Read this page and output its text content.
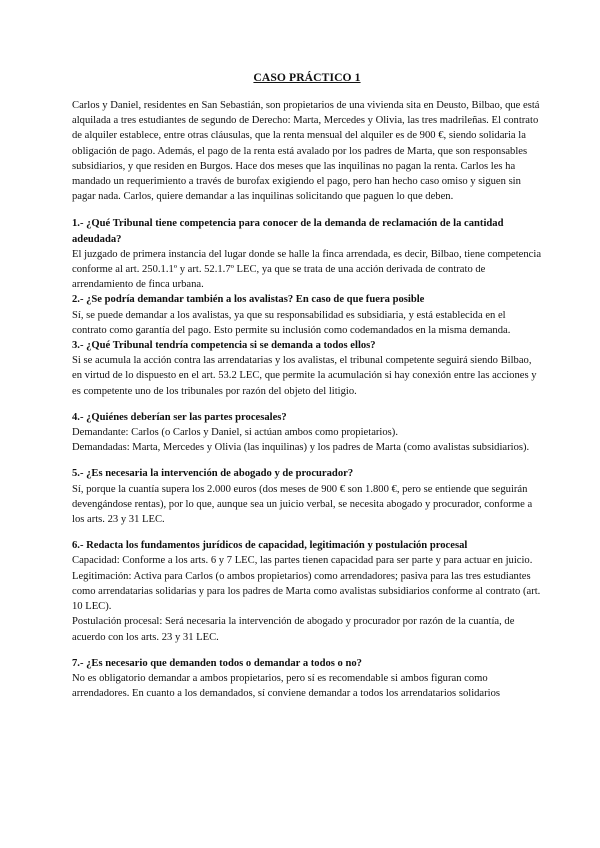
CASO PRÁCTICO 1
Carlos y Daniel, residentes en San Sebastián, son propietarios de una vivienda sita en Deusto, Bilbao, que está alquilada a tres estudiantes de segundo de Derecho: Marta, Mercedes y Olivia, las tres madrileñas. El contrato de alquiler establece, entre otras cláusulas, que la renta mensual del alquiler es de 900 €, siendo solidaria la obligación de pago. Además, el pago de la renta está avalado por los padres de Marta, que son responsables subsidiarios, y que residen en Burgos. Hace dos meses que las inquilinas no pagan la renta. Carlos les ha mandado un requerimiento a través de burofax exigiendo el pago, pero han hecho caso omiso y siguen sin pagar nada. Carlos, quiere demandar a las inquilinas solicitando que paguen lo que deben.
1.- ¿Qué Tribunal tiene competencia para conocer de la demanda de reclamación de la cantidad adeudada?
El juzgado de primera instancia del lugar donde se halle la finca arrendada, es decir, Bilbao, tiene competencia conforme al art. 250.1.1º y art. 52.1.7º LEC, ya que se trata de una acción derivada de contrato de arrendamiento de finca urbana.
2.- ¿Se podría demandar también a los avalistas? En caso de que fuera posible
Sí, se puede demandar a los avalistas, ya que su responsabilidad es subsidiaria, y está establecida en el contrato como garantía del pago. Esto permite su inclusión como codemandados en la misma demanda.
3.- ¿Qué Tribunal tendría competencia si se demanda a todos ellos?
Si se acumula la acción contra las arrendatarias y los avalistas, el tribunal competente seguirá siendo Bilbao, en virtud de lo dispuesto en el art. 53.2 LEC, que permite la acumulación si hay conexión entre las acciones y es competente uno de los tribunales por razón del objeto del litigio.
4.- ¿Quiénes deberían ser las partes procesales?
Demandante: Carlos (o Carlos y Daniel, si actúan ambos como propietarios).
Demandadas: Marta, Mercedes y Olivia (las inquilinas) y los padres de Marta (como avalistas subsidiarios).
5.- ¿Es necesaria la intervención de abogado y de procurador?
Sí, porque la cuantía supera los 2.000 euros (dos meses de 900 € son 1.800 €, pero se entiende que seguirán devengándose rentas), por lo que, aunque sea un juicio verbal, se necesita abogado y procurador, conforme a los arts. 23 y 31 LEC.
6.- Redacta los fundamentos jurídicos de capacidad, legitimación y postulación procesal
Capacidad: Conforme a los arts. 6 y 7 LEC, las partes tienen capacidad para ser parte y para actuar en juicio.
Legitimación: Activa para Carlos (o ambos propietarios) como arrendadores; pasiva para las tres estudiantes como arrendatarias solidarias y para los padres de Marta como avalistas subsidiarios conforme al contrato (art. 10 LEC).
Postulación procesal: Será necesaria la intervención de abogado y procurador por razón de la cuantía, de acuerdo con los arts. 23 y 31 LEC.
7.- ¿Es necesario que demanden todos o demandar a todos o no?
No es obligatorio demandar a ambos propietarios, pero sí es recomendable si ambos figuran como arrendadores. En cuanto a los demandados, sí conviene demandar a todos los arrendatarios solidarios
